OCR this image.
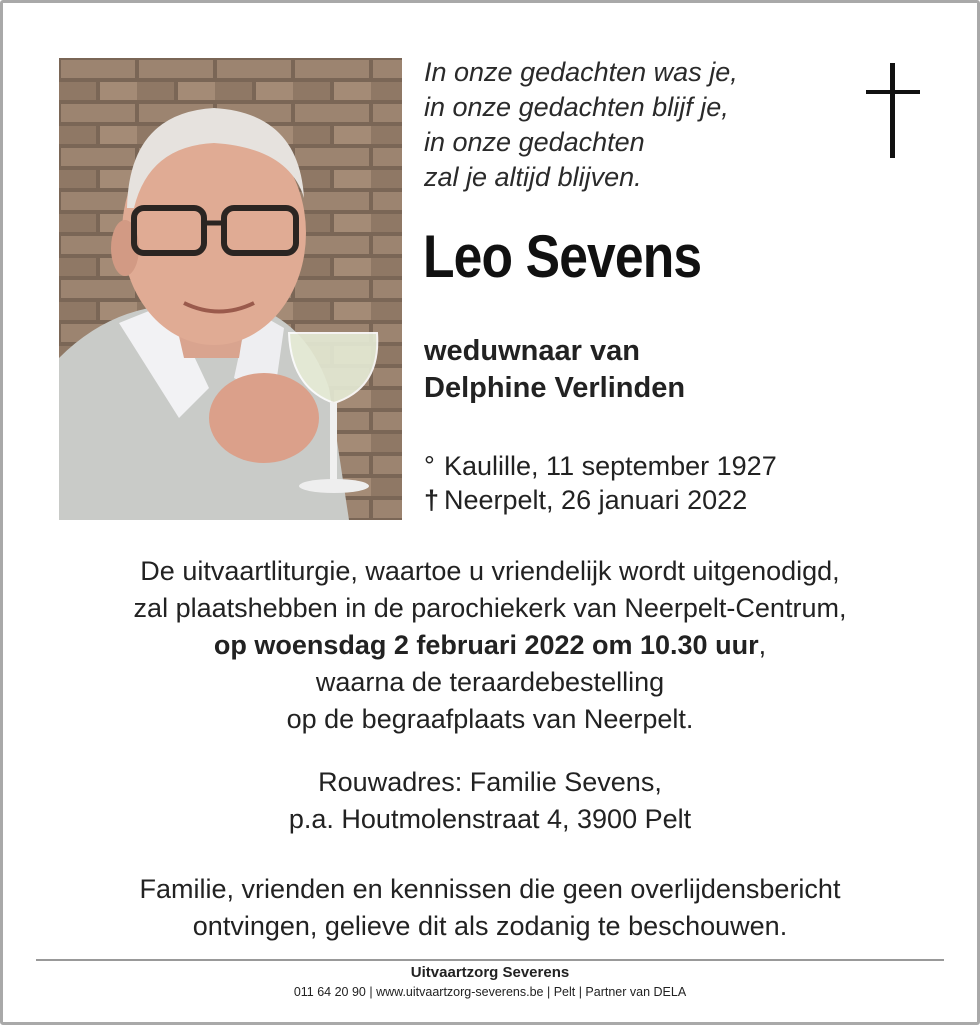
In onze gedachten was je,
in onze gedachten blijf je,
in onze gedachten
zal je altijd blijven.
Leo Sevens
weduwnaar van
Delphine Verlinden
° Kaulille, 11 september 1927
† Neerpelt, 26 januari 2022
De uitvaartliturgie, waartoe u vriendelijk wordt uitgenodigd,
zal plaatshebben in de parochiekerk van Neerpelt-Centrum,
op woensdag 2 februari 2022 om 10.30 uur,
waarna de teraardebestelling
op de begraafplaats van Neerpelt.
Rouwadres: Familie Sevens,
p.a. Houtmolenstraat 4, 3900 Pelt
Familie, vrienden en kennissen die geen overlijdensbericht
ontvingen, gelieve dit als zodanig te beschouwen.
Uitvaartzorg Severens
011 64 20 90 | www.uitvaartzorg-severens.be | Pelt | Partner van DELA
